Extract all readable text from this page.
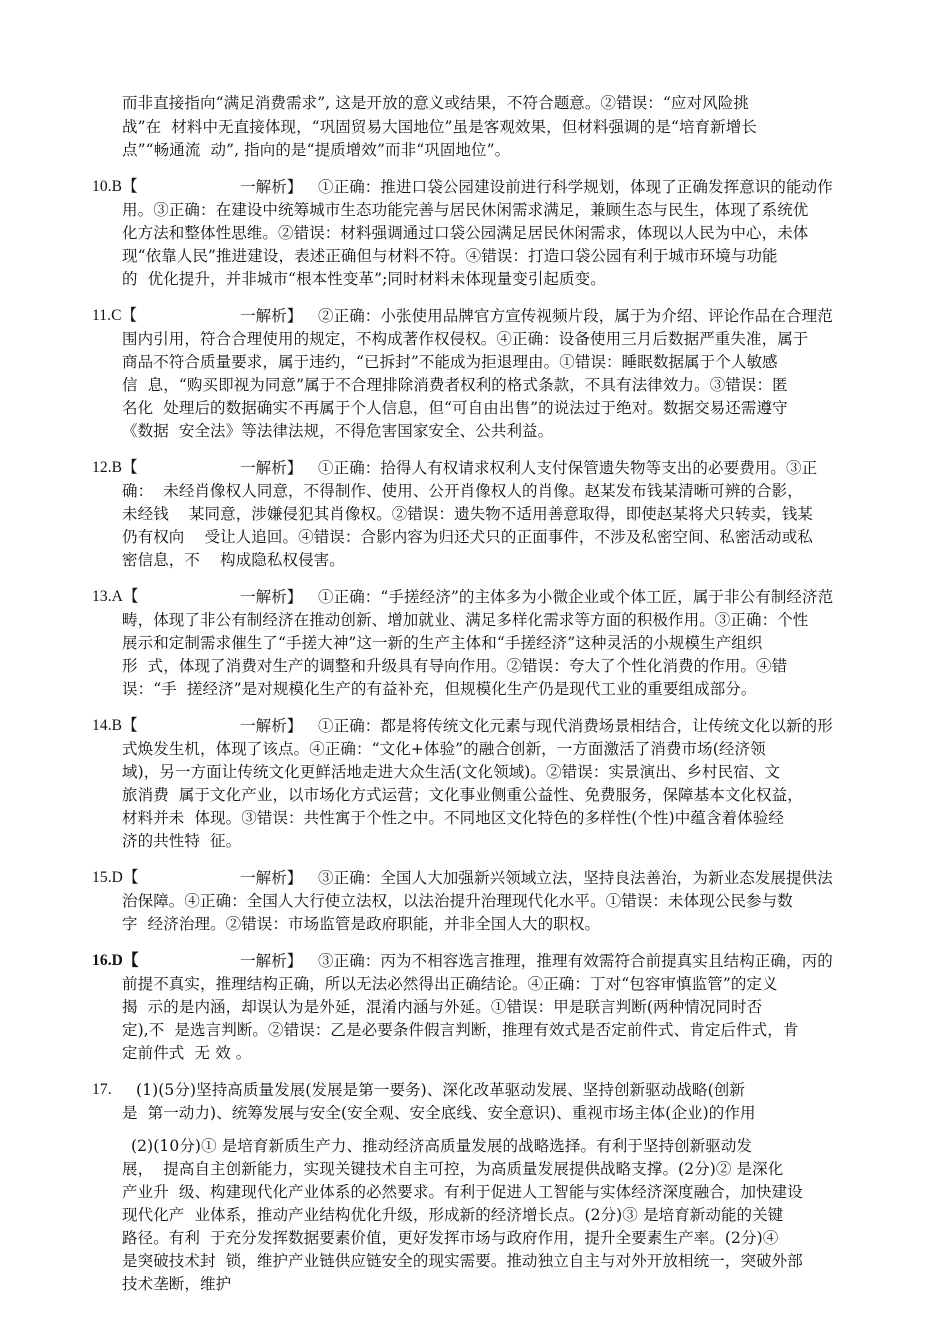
而非直接指向“满足消费需求”, 这是开放的意义或结果，不符合题意。②错误：“应对风险挑
战”在  材料中无直接体现，“巩固贸易大国地位”虽是客观效果，但材料强调的是“培育新增长
点”“畅通流  动”, 指向的是“提质增效”而非“巩固地位”。
10.B【	一解析】 ①正确：推进口袋公园建设前进行科学规划，体现了正确发挥意识的能动作
用。③正确：在建设中统筹城市生态功能完善与居民休闲需求满足，兼顾生态与民生，体现了系统优
化方法和整体性思维。②错误：材料强调通过口袋公园满足居民休闲需求，体现以人民为中心，未体
现“依靠人民”推进建设，表述正确但与材料不符。④错误：打造口袋公园有利于城市环境与功能
的  优化提升，并非城市“根本性变革”;同时材料未体现量变引起质变。
11.C【	一解析】 ②正确：小张使用品牌官方宣传视频片段，属于为介绍、评论作品在合理范
围内引用，符合合理使用的规定，不构成著作权侵权。④正确：设备使用三月后数据严重失准，属于
商品不符合质量要求，属于违约，“已拆封”不能成为拒退理由。①错误：睡眠数据属于个人敏感
信  息，“购买即视为同意”属于不合理排除消费者权利的格式条款，不具有法律效力。③错误：匿
名化  处理后的数据确实不再属于个人信息，但“可自由出售”的说法过于绝对。数据交易还需遵守
《数据  安全法》等法律法规，不得危害国家安全、公共利益。
12.B【	一解析】 ①正确：拾得人有权请求权利人支付保管遗失物等支出的必要费用。③正
确：  未经肖像权人同意，不得制作、使用、公开肖像权人的肖像。赵某发布钱某清晰可辨的合影，
未经钱    某同意，涉嫌侵犯其肖像权。②错误：遗失物不适用善意取得，即使赵某将犬只转卖，钱某
仍有权向    受让人追回。④错误：合影内容为归还犬只的正面事件，不涉及私密空间、私密活动或私
密信息，不    构成隐私权侵害。
13.A【	一解析】 ①正确：“手搓经济”的主体多为小微企业或个体工匠，属于非公有制经济范
畴，体现了非公有制经济在推动创新、增加就业、满足多样化需求等方面的积极作用。③正确：个性
展示和定制需求催生了“手搓大神”这一新的生产主体和“手搓经济”这种灵活的小规模生产组织
形  式，体现了消费对生产的调整和升级具有导向作用。②错误：夸大了个性化消费的作用。④错
误：“手  搓经济”是对规模化生产的有益补充，但规模化生产仍是现代工业的重要组成部分。
14.B【	一解析】 ①正确：都是将传统文化元素与现代消费场景相结合，让传统文化以新的形
式焕发生机，体现了该点。④正确：“文化+体验”的融合创新，一方面激活了消费市场(经济领
域)，另一方面让传统文化更鲜活地走进大众生活(文化领域)。②错误：实景演出、乡村民宿、文
旅消费  属于文化产业，以市场化方式运营；文化事业侧重公益性、免费服务，保障基本文化权益，
材料并未  体现。③错误：共性寓于个性之中。不同地区文化特色的多样性(个性)中蕴含着体验经
济的共性特  征。
15.D【	一解析】 ③正确：全国人大加强新兴领域立法，坚持良法善治，为新业态发展提供法
治保障。④正确：全国人大行使立法权，以法治提升治理现代化水平。①错误：未体现公民参与数
字  经济治理。②错误：市场监管是政府职能，并非全国人大的职权。
16.D【	一解析】 ③正确：丙为不相容选言推理，推理有效需符合前提真实且结构正确，丙的
前提不真实，推理结构正确，所以无法必然得出正确结论。④正确：丁对“包容审慎监管”的定义
揭  示的是内涵，却误认为是外延，混淆内涵与外延。①错误：甲是联言判断(两种情况同时否
定),不  是选言判断。②错误：乙是必要条件假言判断，推理有效式是否定前件式、肯定后件式，肯
定前件式  无 效 。
17. (1)(5分)坚持高质量发展(发展是第一要务)、深化改革驱动发展、坚持创新驱动战略(创新
是  第一动力)、统筹发展与安全(安全观、安全底线、安全意识)、重视市场主体(企业)的作用
(2)(10分)① 是培育新质生产力、推动经济高质量发展的战略选择。有利于坚持创新驱动发
展，  提高自主创新能力，实现关键技术自主可控，为高质量发展提供战略支撑。(2分)② 是深化
产业升  级、构建现代化产业体系的必然要求。有利于促进人工智能与实体经济深度融合，加快建设
现代化产  业体系，推动产业结构优化升级，形成新的经济增长点。(2分)③ 是培育新动能的关键
路径。有利  于充分发挥数据要素价值，更好发挥市场与政府作用，提升全要素生产率。(2分)④
是突破技术封  锁，维护产业链供应链安全的现实需要。推动独立自主与对外开放相统一，突破外部
技术垄断，维护
